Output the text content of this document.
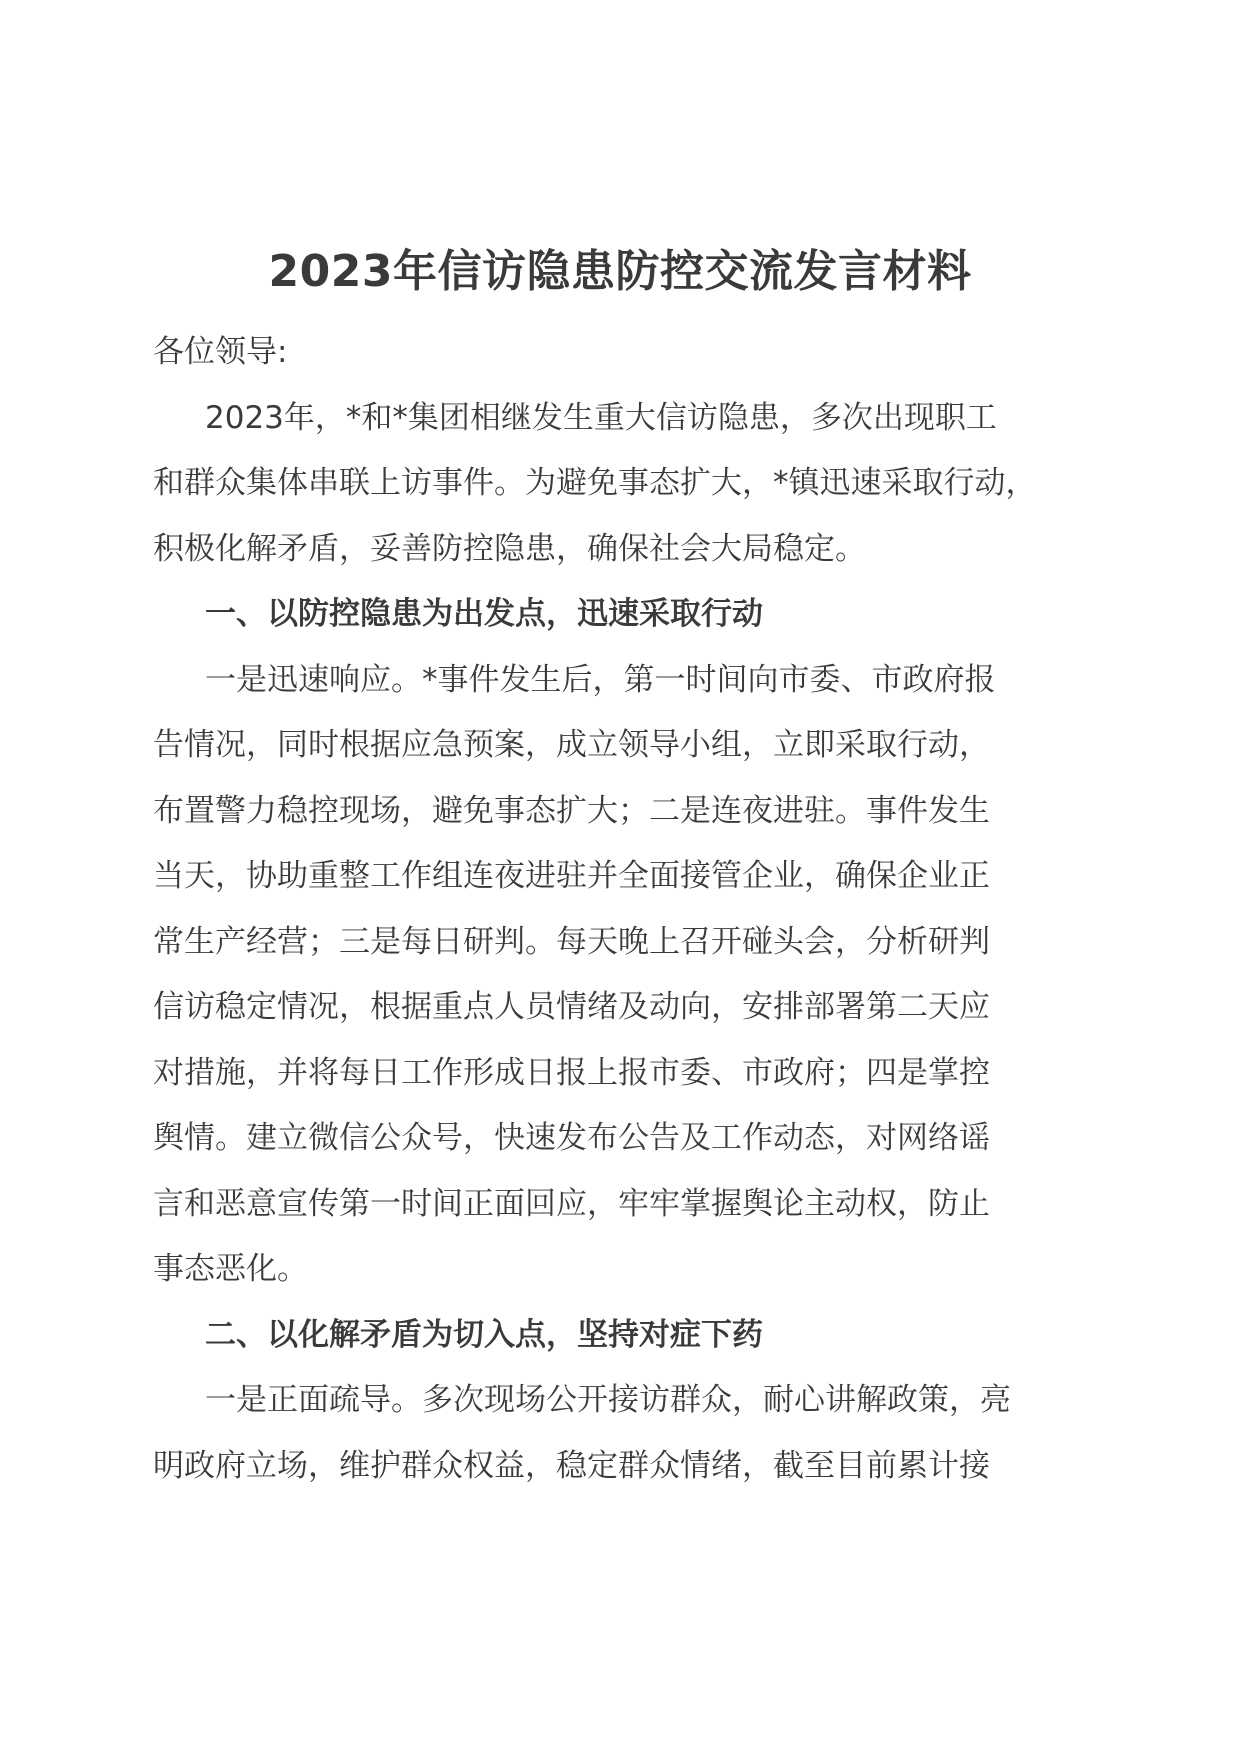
2023年信访隐患防控交流发言材料
各位领导:
2023年，*和*集团相继发生重大信访隐患，多次出现职工
和群众集体串联上访事件。为避免事态扩大，*镇迅速采取行动，
积极化解矛盾，妥善防控隐患，确保社会大局稳定。
一、以防控隐患为出发点，迅速采取行动
一是迅速响应。*事件发生后，第一时间向市委、市政府报
告情况，同时根据应急预案，成立领导小组，立即采取行动，
布置警力稳控现场，避免事态扩大；二是连夜进驻。事件发生
当天，协助重整工作组连夜进驻并全面接管企业，确保企业正
常生产经营；三是每日研判。每天晚上召开碰头会，分析研判
信访稳定情况，根据重点人员情绪及动向，安排部署第二天应
对措施，并将每日工作形成日报上报市委、市政府；四是掌控
舆情。建立微信公众号，快速发布公告及工作动态，对网络谣
言和恶意宣传第一时间正面回应，牢牢掌握舆论主动权，防止
事态恶化。
二、以化解矛盾为切入点，坚持对症下药
一是正面疏导。多次现场公开接访群众，耐心讲解政策，亮
明政府立场，维护群众权益，稳定群众情绪，截至目前累计接
